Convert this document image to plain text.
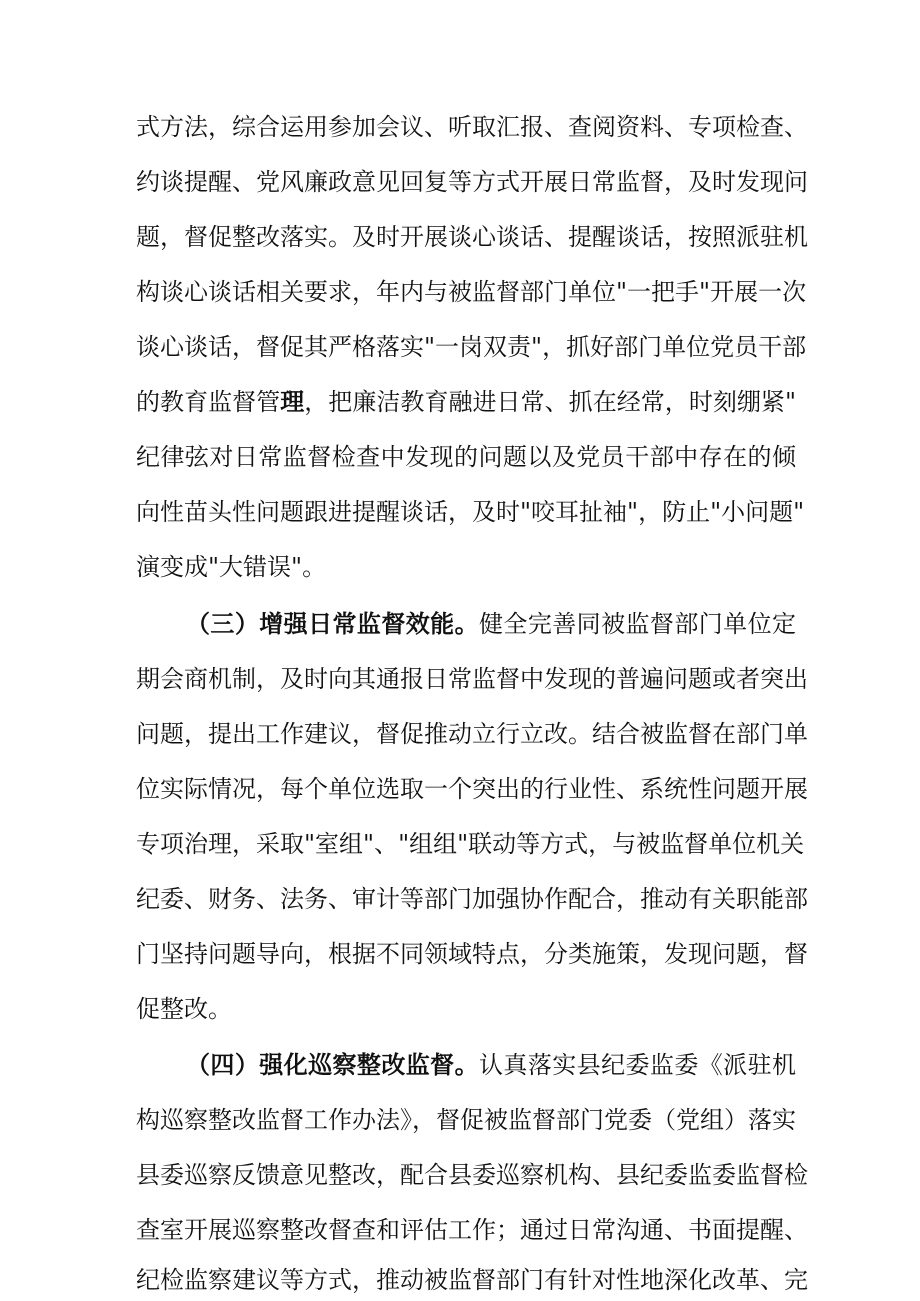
式方法，综合运用参加会议、听取汇报、查阅资料、专项检查、
约谈提醒、党风廉政意见回复等方式开展日常监督，及时发现问
题，督促整改落实。及时开展谈心谈话、提醒谈话，按照派驻机
构谈心谈话相关要求，年内与被监督部门单位"一把手"开展一次
谈心谈话，督促其严格落实"一岗双责"，抓好部门单位党员干部
的教育监督管理，把廉洁教育融进日常、抓在经常，时刻绷紧"
纪律弦对日常监督检查中发现的问题以及党员干部中存在的倾
向性苗头性问题跟进提醒谈话，及时"咬耳扯袖"，防止"小问题"
演变成"大错误"。
（三）增强日常监督效能。健全完善同被监督部门单位定
期会商机制，及时向其通报日常监督中发现的普遍问题或者突出
问题，提出工作建议，督促推动立行立改。结合被监督在部门单
位实际情况，每个单位选取一个突出的行业性、系统性问题开展
专项治理，采取"室组"、"组组"联动等方式，与被监督单位机关
纪委、财务、法务、审计等部门加强协作配合，推动有关职能部
门坚持问题导向，根据不同领域特点，分类施策，发现问题，督
促整改。
（四）强化巡察整改监督。认真落实县纪委监委《派驻机
构巡察整改监督工作办法》，督促被监督部门党委（党组）落实
县委巡察反馈意见整改，配合县委巡察机构、县纪委监委监督检
查室开展巡察整改督查和评估工作；通过日常沟通、书面提醒、
纪检监察建议等方式，推动被监督部门有针对性地深化改革、完
